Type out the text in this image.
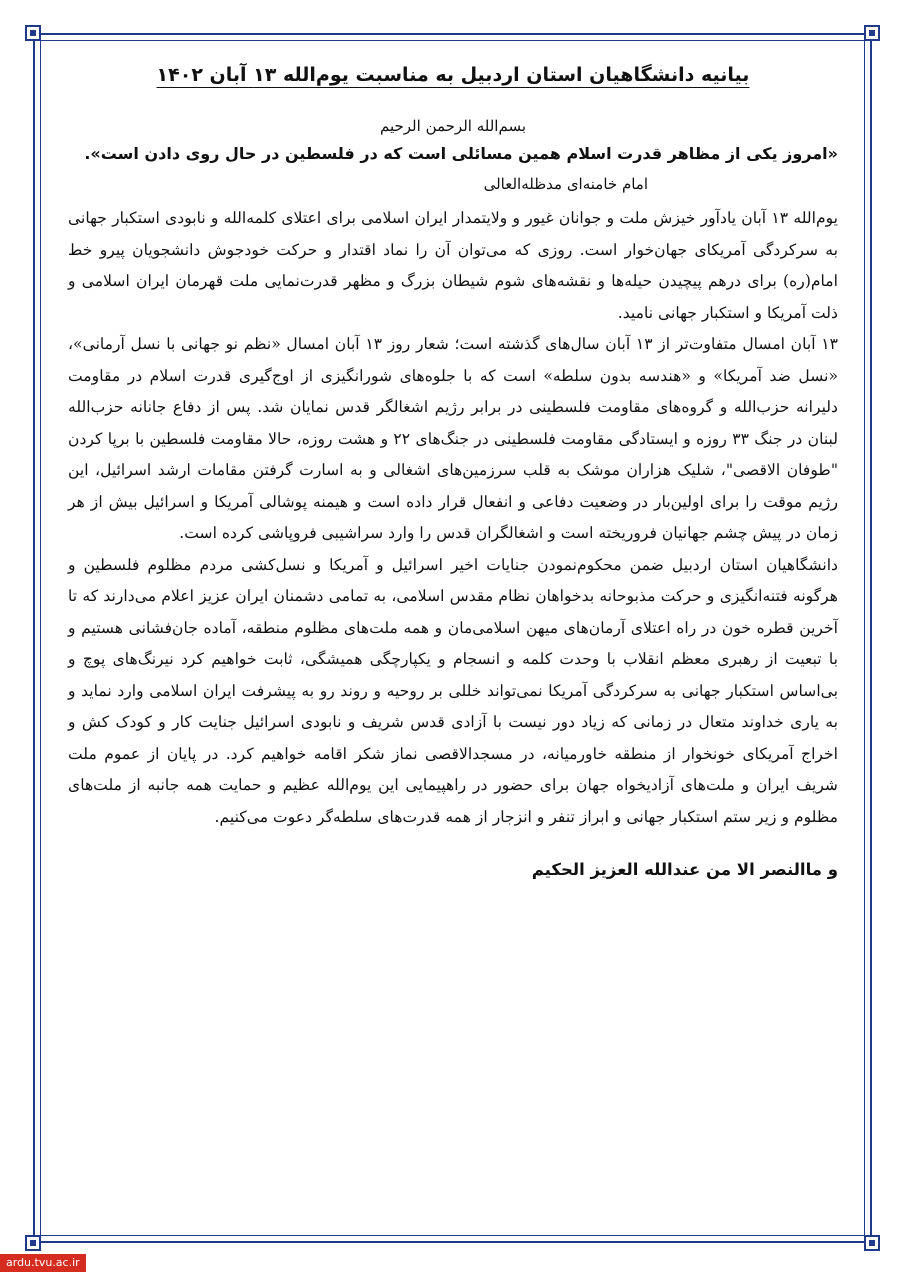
بیانیه دانشگاهیان استان اردبیل به مناسبت یوم‌الله ۱۳ آبان ۱۴۰۲

بسم‌الله الرحمن الرحیم

«امروز یکی از مظاهر قدرت اسلام همین مسائلی است که در فلسطین در حال روی دادن است».

امام خامنه‌ای مدظله‌العالی

یوم‌الله ۱۳ آبان یادآور خیزش ملت و جوانان غیور و ولایتمدار ایران اسلامی برای اعتلای کلمه‌الله و نابودی استکبار جهانی به سرکردگی آمریکای جهان‌خوار است. روزی که می‌توان آن را نماد اقتدار و حرکت خودجوش دانشجویان پیرو خط امام(ره) برای درهم پیچیدن حیله‌ها و نقشه‌های شوم شیطان بزرگ و مظهر قدرت‌نمایی ملت قهرمان ایران اسلامی و ذلت آمریکا و استکبار جهانی نامید.

۱۳ آبان امسال متفاوت‌تر از ۱۳ آبان سال‌های گذشته است؛ شعار روز ۱۳ آبان امسال «نظم نو جهانی با نسل آرمانی»، «نسل ضد آمریکا» و «هندسه بدون سلطه» است که با جلوه‌های شورانگیزی از اوج‌گیری قدرت اسلام در مقاومت دلیرانه حزب‌الله و گروه‌های مقاومت فلسطینی در برابر رژیم اشغالگر قدس نمایان شد. پس از دفاع جانانه حزب‌الله لبنان در جنگ ۳۳ روزه و ایستادگی مقاومت فلسطینی در جنگ‌های ۲۲ و هشت روزه، حالا مقاومت فلسطین با برپا کردن "طوفان الاقصی"، شلیک هزاران موشک به قلب سرزمین‌های اشغالی و به اسارت گرفتن مقامات ارشد اسرائیل، این رژیم موقت را برای اولین‌بار در وضعیت دفاعی و انفعال قرار داده است و هیمنه پوشالی آمریکا و اسرائیل بیش از هر زمان در پیش چشم جهانیان فروریخته است و اشغالگران قدس را وارد سراشیبی فروپاشی کرده است.

دانشگاهیان استان اردبیل ضمن محکوم‌نمودن جنایات اخیر اسرائیل و آمریکا و نسل‌کشی مردم مظلوم فلسطین و هرگونه فتنه‌انگیزی و حرکت مذبوحانه بدخواهان نظام مقدس اسلامی، به تمامی دشمنان ایران عزیز اعلام می‌دارند که تا آخرین قطره خون در راه اعتلای آرمان‌های میهن اسلامی‌مان و همه ملت‌های مظلوم منطقه، آماده جان‌فشانی هستیم و با تبعیت از رهبری معظم انقلاب با وحدت کلمه و انسجام و یکپارچگی همیشگی، ثابت خواهیم کرد نیرنگ‌های پوچ و بی‌اساس استکبار جهانی به سرکردگی آمریکا نمی‌تواند خللی بر روحیه و روند رو به پیشرفت ایران اسلامی وارد نماید و به یاری خداوند متعال در زمانی که زیاد دور نیست با آزادی قدس شریف و نابودی اسرائیل جنایت کار و کودک کش و اخراج آمریکای خونخوار از منطقه خاورمیانه، در مسجدالاقصی نماز شکر اقامه خواهیم کرد. در پایان از عموم ملت شریف ایران و ملت‌های آزادیخواه جهان برای حضور در راهپیمایی این یوم‌الله عظیم و حمایت همه جانبه از ملت‌های مظلوم و زیر ستم استکبار جهانی و ابراز تنفر و انزجار از همه قدرت‌های سلطه‌گر دعوت می‌کنیم.

و ماالنصر الا من عندالله العزیز الحکیم

ardu.tvu.ac.ir
